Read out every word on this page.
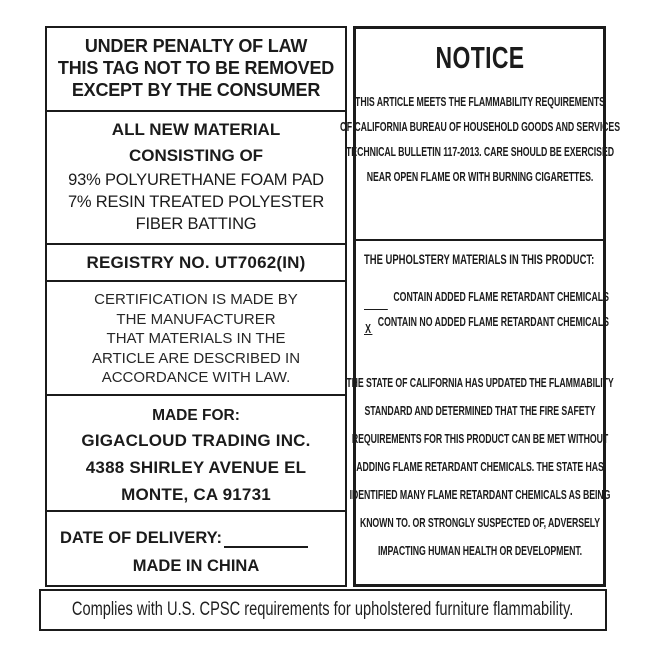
UNDER PENALTY OF LAW
THIS TAG NOT TO BE REMOVED
EXCEPT BY THE CONSUMER
ALL NEW MATERIAL
CONSISTING OF
93% POLYURETHANE FOAM PAD
7% RESIN TREATED POLYESTER
FIBER BATTING
REGISTRY NO. UT7062(IN)
CERTIFICATION IS MADE BY
THE MANUFACTURER
THAT MATERIALS IN THE
ARTICLE ARE DESCRIBED IN
ACCORDANCE WITH LAW.
MADE FOR:
GIGACLOUD TRADING INC.
4388 SHIRLEY AVENUE EL
MONTE, CA 91731
DATE OF DELIVERY:
MADE IN CHINA
NOTICE
THIS ARTICLE MEETS THE FLAMMABILITY REQUIREMENTS
OF CALIFORNIA BUREAU OF HOUSEHOLD GOODS AND SERVICES
TECHNICAL BULLETIN 117-2013. CARE SHOULD BE EXERCISED
NEAR OPEN FLAME OR WITH BURNING CIGARETTES.
THE UPHOLSTERY MATERIALS IN THIS PRODUCT:
CONTAIN ADDED FLAME RETARDANT CHEMICALS
X CONTAIN NO ADDED FLAME RETARDANT CHEMICALS
THE STATE OF CALIFORNIA HAS UPDATED THE FLAMMABILITY
STANDARD AND DETERMINED THAT THE FIRE SAFETY
REQUIREMENTS FOR THIS PRODUCT CAN BE MET WITHOUT
ADDING FLAME RETARDANT CHEMICALS. THE STATE HAS
IDENTIFIED MANY FLAME RETARDANT CHEMICALS AS BEING
KNOWN TO. OR STRONGLY SUSPECTED OF, ADVERSELY
IMPACTING HUMAN HEALTH OR DEVELOPMENT.
Complies with U.S. CPSC requirements for upholstered furniture flammability.
